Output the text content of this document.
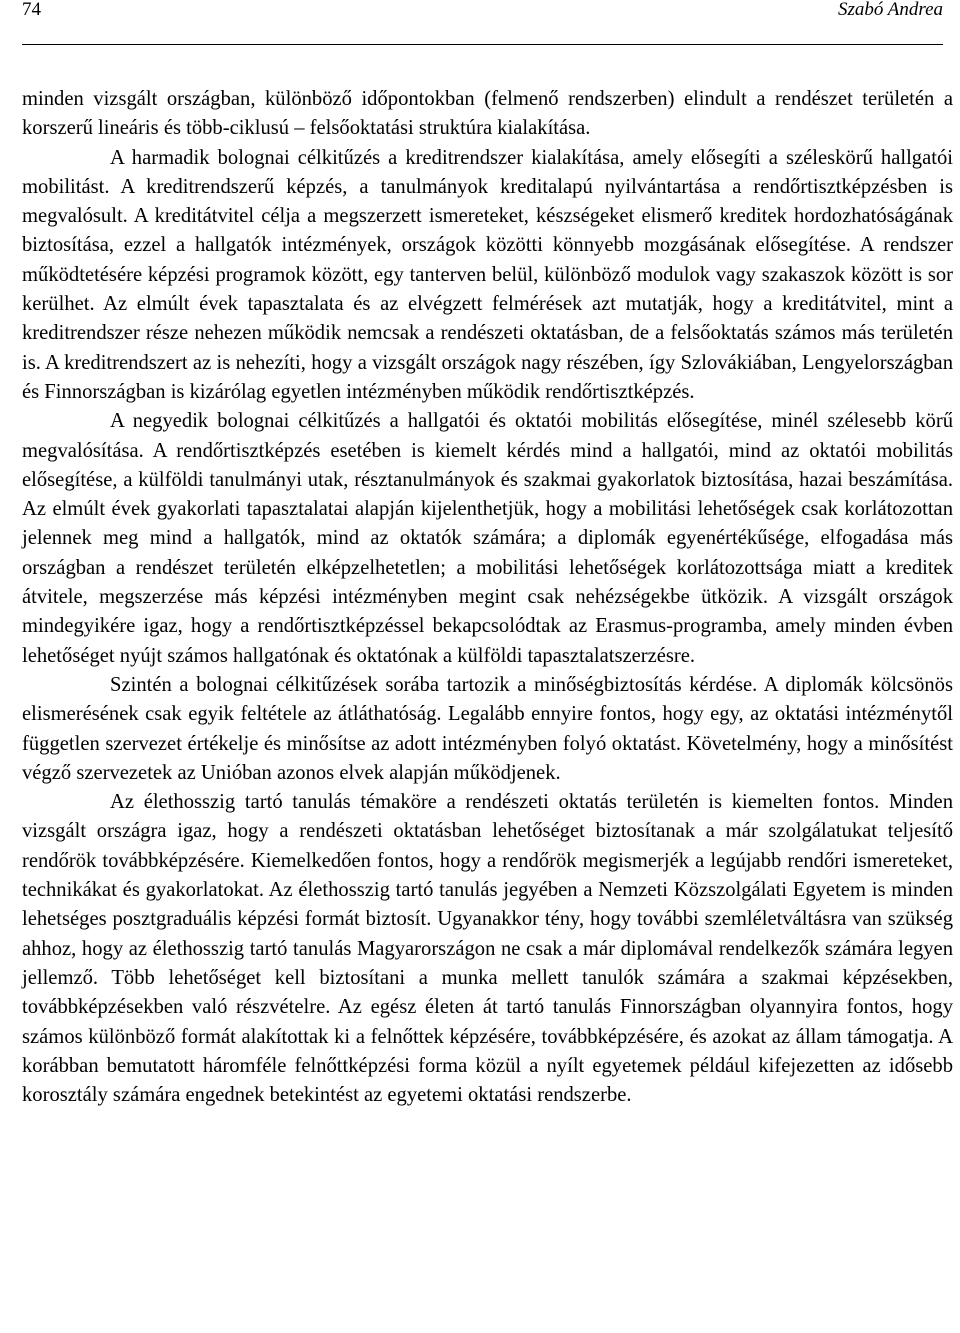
74	Szabó Andrea

minden vizsgált országban, különböző időpontokban (felmenő rendszerben) elindult a rendészet területén a korszerű lineáris és több-ciklusú – felsőoktatási struktúra kialakítása.

A harmadik bolognai célkitűzés a kreditrendszer kialakítása, amely elősegíti a széleskörű hallgatói mobilitást. A kreditrendszerű képzés, a tanulmányok kreditalapú nyilvántartása a rendőrtisztképzésben is megvalósult. A kreditátvitel célja a megszerzett ismereteket, készségeket elismerő kreditek hordozhatóságának biztosítása, ezzel a hallgatók intézmények, országok közötti könnyebb mozgásának elősegítése. A rendszer működtetésére képzési programok között, egy tanterven belül, különböző modulok vagy szakaszok között is sor kerülhet. Az elmúlt évek tapasztalata és az elvégzett felmérések azt mutatják, hogy a kreditátvitel, mint a kreditrendszer része nehezen működik nemcsak a rendészeti oktatásban, de a felsőoktatás számos más területén is. A kreditrendszert az is nehezíti, hogy a vizsgált országok nagy részében, így Szlovákiában, Lengyelországban és Finnországban is kizárólag egyetlen intézményben működik rendőrtisztképzés.

A negyedik bolognai célkitűzés a hallgatói és oktatói mobilitás elősegítése, minél szélesebb körű megvalósítása. A rendőrtisztképzés esetében is kiemelt kérdés mind a hallgatói, mind az oktatói mobilitás elősegítése, a külföldi tanulmányi utak, résztanulmányok és szakmai gyakorlatok biztosítása, hazai beszámítása. Az elmúlt évek gyakorlati tapasztalatai alapján kijelenthetjük, hogy a mobilitási lehetőségek csak korlátozottan jelennek meg mind a hallgatók, mind az oktatók számára; a diplomák egyenértékűsége, elfogadása más országban a rendészet területén elképzelhetetlen; a mobilitási lehetőségek korlátozottsága miatt a kreditek átvitele, megszerzése más képzési intézményben megint csak nehézségekbe ütközik. A vizsgált országok mindegyikére igaz, hogy a rendőrtisztképzéssel bekapcsolódtak az Erasmus-programba, amely minden évben lehetőséget nyújt számos hallgatónak és oktatónak a külföldi tapasztalatszerzésre.

Szintén a bolognai célkitűzések sorába tartozik a minőségbiztosítás kérdése. A diplomák kölcsönös elismerésének csak egyik feltétele az átláthatóság. Legalább ennyire fontos, hogy egy, az oktatási intézménytől független szervezet értékelje és minősítse az adott intézményben folyó oktatást. Követelmény, hogy a minősítést végző szervezetek az Unióban azonos elvek alapján működjenek.

Az élethosszig tartó tanulás témaköre a rendészeti oktatás területén is kiemelten fontos. Minden vizsgált országra igaz, hogy a rendészeti oktatásban lehetőséget biztosítanak a már szolgálatukat teljesítő rendőrök továbbképzésére. Kiemelkedően fontos, hogy a rendőrök megismerjék a legújabb rendőri ismereteket, technikákat és gyakorlatokat. Az élethosszig tartó tanulás jegyében a Nemzeti Közszolgálati Egyetem is minden lehetséges posztgraduális képzési formát biztosít. Ugyanakkor tény, hogy további szemléletváltásra van szükség ahhoz, hogy az élethosszig tartó tanulás Magyarországon ne csak a már diplomával rendelkezők számára legyen jellemző. Több lehetőséget kell biztosítani a munka mellett tanulók számára a szakmai képzésekben, továbbképzésekben való részvételre. Az egész életen át tartó tanulás Finnországban olyannyira fontos, hogy számos különböző formát alakítottak ki a felnőttek képzésére, továbbképzésére, és azokat az állam támogatja. A korábban bemutatott háromféle felnőttképzési forma közül a nyílt egyetemek például kifejezetten az idősebb korosztály számára engednek betekintést az egyetemi oktatási rendszerbe.
